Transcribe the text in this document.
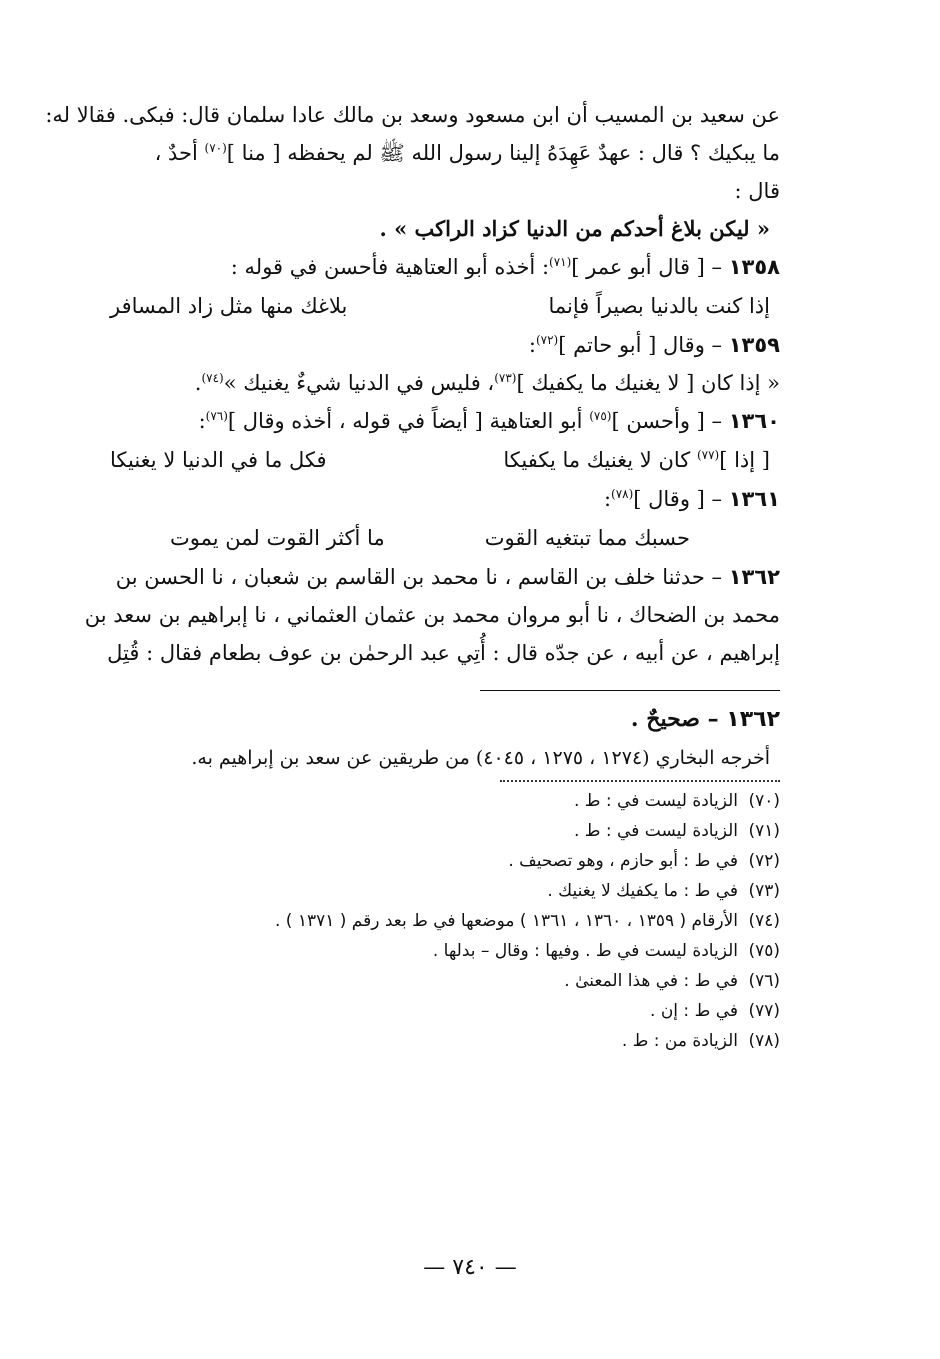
عن سعيد بن المسيب أن ابن مسعود وسعد بن مالك عادا سلمان قال: فبكى. فقالا له:
ما يبكيك ؟ قال : عهدٌ عَهِدَهُ إلينا رسول الله ﷺ لم يحفظه [ منا ]$^{(٧٠)}$ أحدٌ ،
قال :
« ليكن بلاغ أحدكم من الدنيا كزاد الراكب » .
١٣٥٨ – [ قال أبو عمر ]$^{(٧١)}$: أخذه أبو العتاهية فأحسن في قوله :
إذا كنت بالدنيا بصيراً فإنما
بلاغك منها مثل زاد المسافر
١٣٥٩ – وقال [ أبو حاتم ]$^{(٧٢)}$:
« إذا كان [ لا يغنيك ما يكفيك ]$^{(٧٣)}$، فليس في الدنيا شيءٌ يغنيك »$^{(٧٤)}$.
١٣٦٠ – [ وأحسن ]$^{(٧٥)}$ أبو العتاهية [ أيضاً في قوله ، أخذه وقال ]$^{(٧٦)}$:
[ إذا ]$^{(٧٧)}$ كان لا يغنيك ما يكفيكا
فكل ما في الدنيا لا يغنيكا
١٣٦١ – [ وقال ]$^{(٧٨)}$:
حسبك مما تبتغيه القوت
ما أكثر القوت لمن يموت
١٣٦٢ – حدثنا خلف بن القاسم ، نا محمد بن القاسم بن شعبان ، نا الحسن بن
محمد بن الضحاك ، نا أبو مروان محمد بن عثمان العثماني ، نا إبراهيم بن سعد بن
إبراهيم ، عن أبيه ، عن جدّه قال : أُتِي عبد الرحمٰن بن عوف بطعام فقال : قُتِل
١٣٦٢ – صحيحٌ .
أخرجه البخاري (١٢٧٤ ، ١٢٧٥ ، ٤٠٤٥) من طريقين عن سعد بن إبراهيم به.
(٧٠)الزيادة ليست في : ط .
(٧١)الزيادة ليست في : ط .
(٧٢)في ط : أبو حازم ، وهو تصحيف .
(٧٣)في ط : ما يكفيك لا يغنيك .
(٧٤)الأرقام ( ١٣٥٩ ، ١٣٦٠ ، ١٣٦١ ) موضعها في ط بعد رقم ( ١٣٧١ ) .
(٧٥)الزيادة ليست في ط . وفيها : وقال – بدلها .
(٧٦)في ط : في هذا المعنىٰ .
(٧٧)في ط : إن .
(٧٨)الزيادة من : ط .
— ٧٤٠ —
